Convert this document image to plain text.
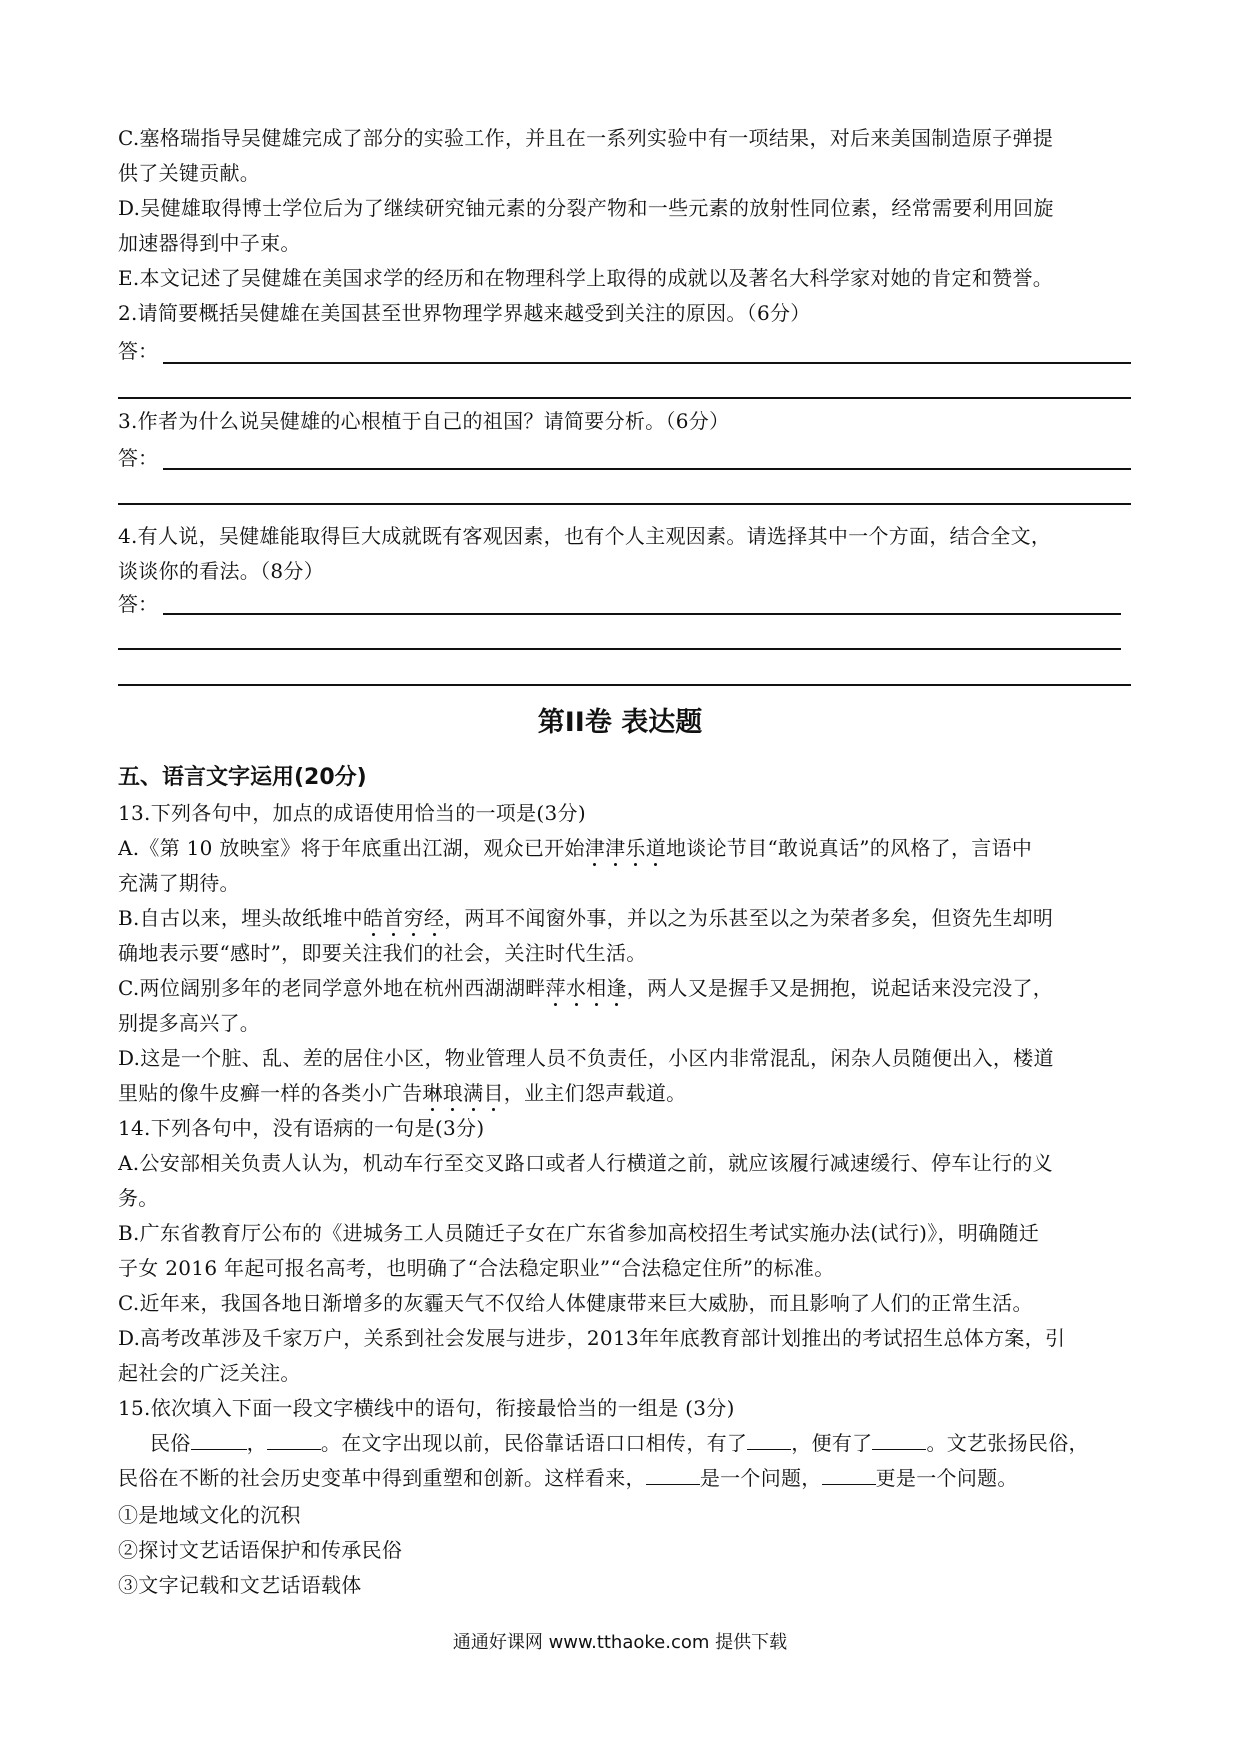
C.塞格瑞指导吴健雄完成了部分的实验工作，并且在一系列实验中有一项结果，对后来美国制造原子弹提
供了关键贡献。
D.吴健雄取得博士学位后为了继续研究铀元素的分裂产物和一些元素的放射性同位素，经常需要利用回旋
加速器得到中子束。
E.本文记述了吴健雄在美国求学的经历和在物理科学上取得的成就以及著名大科学家对她的肯定和赞誉。
2.请简要概括吴健雄在美国甚至世界物理学界越来越受到关注的原因。（6分）
答：
3.作者为什么说吴健雄的心根植于自己的祖国？请简要分析。（6分）
答：
4.有人说，吴健雄能取得巨大成就既有客观因素，也有个人主观因素。请选择其中一个方面，结合全文，
谈谈你的看法。（8分）
答：
第II卷 表达题
五、语言文字运用(20分)
13.下列各句中，加点的成语使用恰当的一项是(3分)
A.《第 10 放映室》将于年底重出江湖，观众已开始津津乐道地谈论节目“敢说真话”的风格了，言语中
充满了期待。
B.自古以来，埋头故纸堆中皓首穷经，两耳不闻窗外事，并以之为乐甚至以之为荣者多矣，但资先生却明
确地表示要“感时”，即要关注我们的社会，关注时代生活。
C.两位阔别多年的老同学意外地在杭州西湖湖畔萍水相逢，两人又是握手又是拥抱，说起话来没完没了，
别提多高兴了。
D.这是一个脏、乱、差的居住小区，物业管理人员不负责任，小区内非常混乱，闲杂人员随便出入，楼道
里贴的像牛皮癣一样的各类小广告琳琅满目，业主们怨声载道。
14.下列各句中，没有语病的一句是(3分)
A.公安部相关负责人认为，机动车行至交叉路口或者人行横道之前，就应该履行减速缓行、停车让行的义
务。
B.广东省教育厅公布的《进城务工人员随迁子女在广东省参加高校招生考试实施办法(试行)》，明确随迁
子女 2016 年起可报名高考，也明确了“合法稳定职业”“合法稳定住所”的标准。
C.近年来，我国各地日渐增多的灰霾天气不仅给人体健康带来巨大威胁，而且影响了人们的正常生活。
D.高考改革涉及千家万户，关系到社会发展与进步，2013年年底教育部计划推出的考试招生总体方案，引
起社会的广泛关注。
15.依次填入下面一段文字横线中的语句，衔接最恰当的一组是 (3分)
民俗	，	。在文字出现以前，民俗靠话语口口相传，有了 ，便有了	。文艺张扬民俗，
民俗在不断的社会历史变革中得到重塑和创新。这样看来，	是一个问题，	更是一个问题。
①是地域文化的沉积
②探讨文艺话语保护和传承民俗
③文字记载和文艺话语载体
通通好课网 www.tthaoke.com 提供下载
